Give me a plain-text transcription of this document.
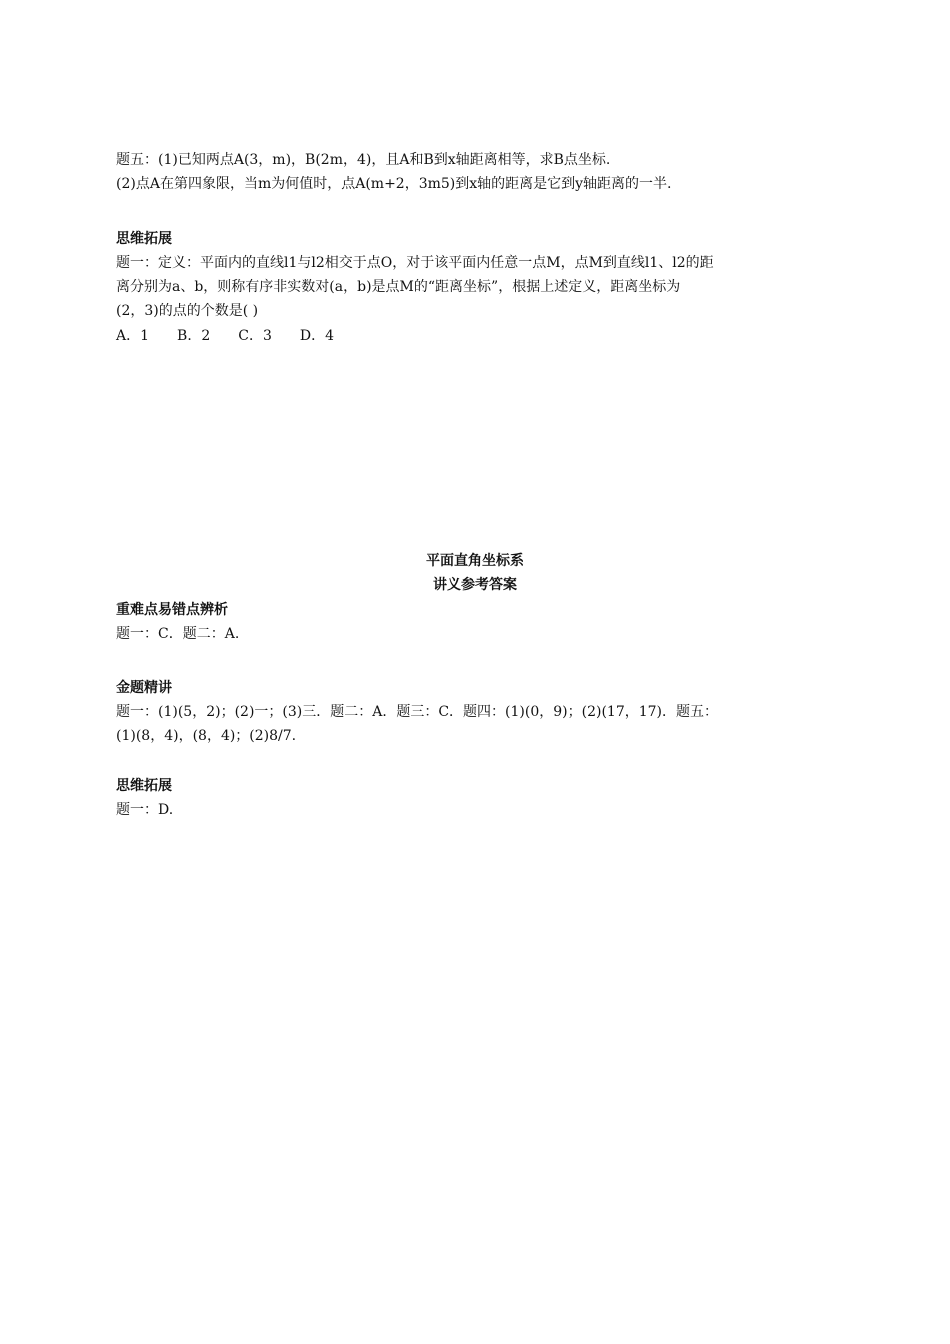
题五：(1)已知两点A(3，m)，B(2m，4)，且A和B到x轴距离相等，求B点坐标.
(2)点A在第四象限，当m为何值时，点A(m+2，3m5)到x轴的距离是它到y轴距离的一半.
思维拓展
题一：定义：平面内的直线l1与l2相交于点O，对于该平面内任意一点M，点M到直线l1、l2的距
离分别为a、b，则称有序非实数对(a，b)是点M的“距离坐标”，根据上述定义，距离坐标为
(2，3)的点的个数是( )
A．1 B．2 C．3 D．4
平面直角坐标系
讲义参考答案
重难点易错点辨析
题一：C．题二：A.
金题精讲
题一：(1)(5，2)；(2)一；(3)三．题二：A．题三：C．题四：(1)(0，9)；(2)(17，17)．题五：
(1)(8，4)，(8，4)；(2)8/7.
思维拓展
题一：D.
